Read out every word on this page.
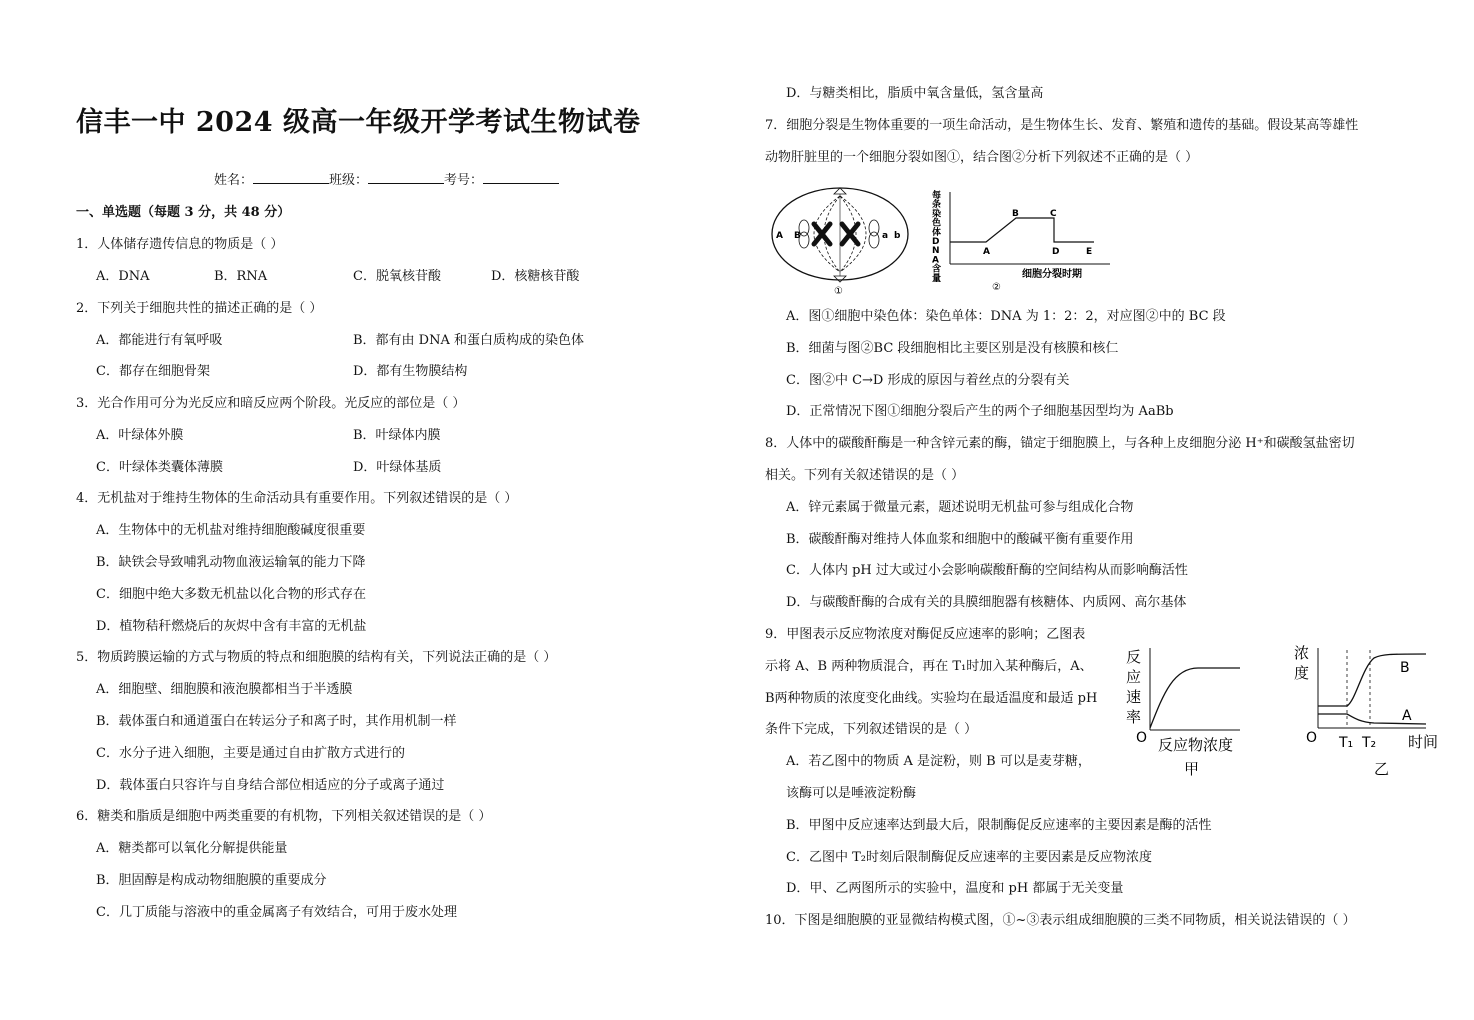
信丰一中 2024 级高一年级开学考试生物试卷
姓名：	班级：	考号：
一、单选题（每题 3 分，共 48 分）
1．人体储存遗传信息的物质是（ ）
A．DNA	B．RNA	C．脱氧核苷酸	D．核糖核苷酸
2．下列关于细胞共性的描述正确的是（ ）
A．都能进行有氧呼吸	B．都有由 DNA 和蛋白质构成的染色体
C．都存在细胞骨架	D．都有生物膜结构
3．光合作用可分为光反应和暗反应两个阶段。光反应的部位是（ ）
A．叶绿体外膜	B．叶绿体内膜
C．叶绿体类囊体薄膜	D．叶绿体基质
4．无机盐对于维持生物体的生命活动具有重要作用。下列叙述错误的是（ ）
A．生物体中的无机盐对维持细胞酸碱度很重要
B．缺铁会导致哺乳动物血液运输氧的能力下降
C．细胞中绝大多数无机盐以化合物的形式存在
D．植物秸秆燃烧后的灰烬中含有丰富的无机盐
5．物质跨膜运输的方式与物质的特点和细胞膜的结构有关，下列说法正确的是（ ）
A．细胞壁、细胞膜和液泡膜都相当于半透膜
B．载体蛋白和通道蛋白在转运分子和离子时，其作用机制一样
C．水分子进入细胞，主要是通过自由扩散方式进行的
D．载体蛋白只容许与自身结合部位相适应的分子或离子通过
6．糖类和脂质是细胞中两类重要的有机物，下列相关叙述错误的是（ ）
A．糖类都可以氧化分解提供能量
B．胆固醇是构成动物细胞膜的重要成分
C．几丁质能与溶液中的重金属离子有效结合，可用于废水处理
D．与糖类相比，脂质中氧含量低，氢含量高
7．细胞分裂是生物体重要的一项生命活动，是生物体生长、发育、繁殖和遗传的基础。假设某高等雄性
动物肝脏里的一个细胞分裂如图①，结合图②分析下列叙述不正确的是（ ）
A B	a b
①
每条染色体 D N A 含量
A
B	C
D	E
细胞分裂时期
②
A．图①细胞中染色体：染色单体：DNA 为 1：2：2，对应图②中的 BC 段
B．细菌与图②BC 段细胞相比主要区别是没有核膜和核仁
C．图②中 C→D 形成的原因与着丝点的分裂有关
D．正常情况下图①细胞分裂后产生的两个子细胞基因型均为 AaBb
8．人体中的碳酸酐酶是一种含锌元素的酶，锚定于细胞膜上，与各种上皮细胞分泌 H⁺和碳酸氢盐密切
相关。下列有关叙述错误的是（ ）
A．锌元素属于微量元素，题述说明无机盐可参与组成化合物
B．碳酸酐酶对维持人体血浆和细胞中的酸碱平衡有重要作用
C．人体内 pH 过大或过小会影响碳酸酐酶的空间结构从而影响酶活性
D．与碳酸酐酶的合成有关的具膜细胞器有核糖体、内质网、高尔基体
9．甲图表示反应物浓度对酶促反应速率的影响；乙图表
示将 A、B 两种物质混合，再在 T₁时加入某种酶后，A、
B两种物质的浓度变化曲线。实验均在最适温度和最适 pH
条件下完成，下列叙述错误的是（ ）
A．若乙图中的物质 A 是淀粉，则 B 可以是麦芽糖，
该酶可以是唾液淀粉酶
B．甲图中反应速率达到最大后，限制酶促反应速率的主要因素是酶的活性
C．乙图中 T₂时刻后限制酶促反应速率的主要因素是反应物浓度
D．甲、乙两图所示的实验中，温度和 pH 都属于无关变量
反
应
速
率
O 反应物浓度
甲
浓
度	B
A
O T₁ T₂ 时间
乙
10．下图是细胞膜的亚显微结构模式图，①~③表示组成细胞膜的三类不同物质，相关说法错误的（ ）
